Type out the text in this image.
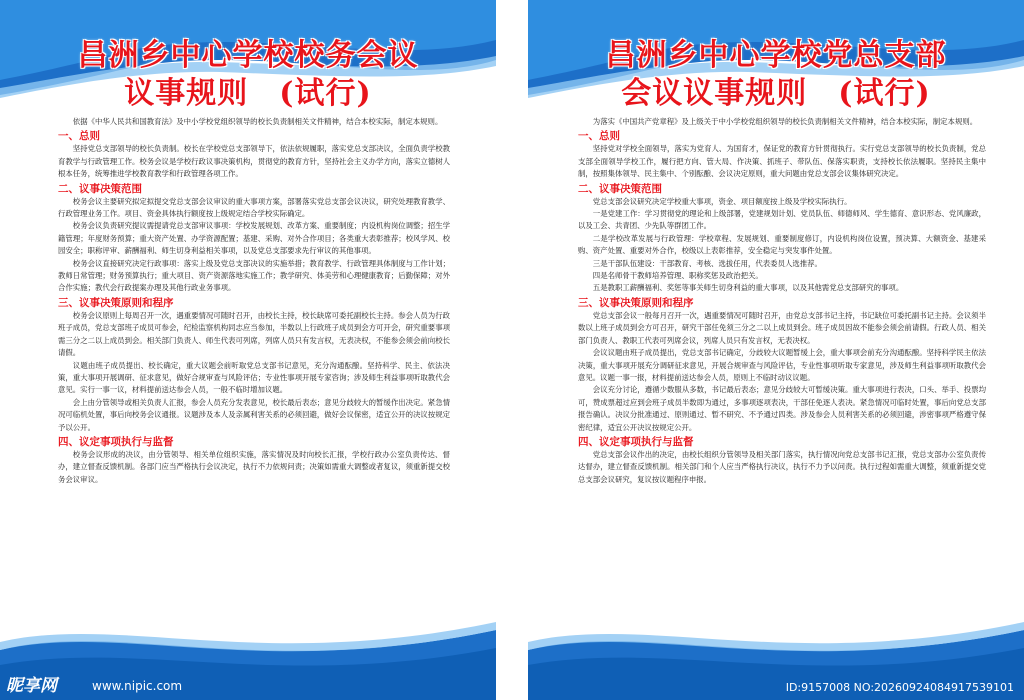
昌洲乡中心学校校务会议
议事规则　(试行)

依据《中华人民共和国教育法》及中小学校党组织领导的校长负责制相关文件精神，结合本校实际，制定本规则。

一、总则

坚持党总支部领导的校长负责制。校长在学校党总支部领导下，依法依规履职，落实党总支部决议，全面负责学校教育教学与行政管理工作。校务会议是学校行政议事决策机构，贯彻党的教育方针，坚持社会主义办学方向，落实立德树人根本任务，统筹推进学校教育教学和行政管理各项工作。

二、议事决策范围

校务会议主要研究拟定拟提交党总支部会议审议的重大事项方案，部署落实党总支部会议决议，研究处理教育教学、行政管理业务工作。项目、资金具体执行额度按上级规定结合学校实际确定。

校务会议负责研究提议需提请党总支部审议事项：学校发展规划、改革方案、重要制度；内设机构岗位调整；招生学籍管理；年度财务预算；重大资产处置、办学资源配置；基建、采购、对外合作项目；各类重大表彰推荐；校风学风、校园安全；职称评审、薪酬福利、师生切身利益相关事项，以及党总支部要求先行审议的其他事项。

校务会议直接研究决定行政事项：落实上级及党总支部决议的实施举措；教育教学、行政管理具体制度与工作计划；教师日常管理；财务预算执行；重大项目、资产资源落地实施工作；教学研究、体美劳和心理健康教育；后勤保障；对外合作实施；教代会行政提案办理及其他行政业务事项。

三、议事决策原则和程序

校务会议原则上每周召开一次，遇重要情况可随时召开，由校长主持，校长缺席可委托副校长主持。参会人员为行政班子成员，党总支部班子成员可参会，纪检监察机构同志应当参加，半数以上行政班子成员到会方可开会，研究重要事项需三分之二以上成员到会。相关部门负责人、师生代表可列席，列席人员只有发言权，无表决权，不能参会须会前向校长请假。

议题由班子成员提出、校长确定，重大议题会前听取党总支部书记意见，充分沟通酝酿。坚持科学、民主、依法决策，重大事项开展调研、征求意见，做好合规审查与风险评估；专业性事项开展专家咨询；涉及师生利益事项听取教代会意见。实行一事一议，材料提前送达参会人员，一般不临时增加议题。

会上由分管领导或相关负责人汇报，参会人员充分发表意见，校长最后表态；意见分歧较大的暂缓作出决定。紧急情况可临机处置，事后向校务会议通报。议题涉及本人及亲属利害关系的必须回避，做好会议保密，适宜公开的决议按规定予以公开。

四、议定事项执行与监督

校务会议形成的决议，由分管领导、相关单位组织实施，落实情况及时向校长汇报，学校行政办公室负责传达、督办，建立督查反馈机制。各部门应当严格执行会议决定，执行不力依规问责；决策如需重大调整或者复议，须重新提交校务会议审议。

昵享网	www.nipic.com
昌洲乡中心学校党总支部
会议议事规则　(试行)

为落实《中国共产党章程》及上级关于中小学校党组织领导的校长负责制相关文件精神，结合本校实际，制定本规则。

一、总则

坚持党对学校全面领导，落实为党育人、为国育才，保证党的教育方针贯彻执行。实行党总支部领导的校长负责制，党总支部全面领导学校工作，履行把方向、管大局、作决策、抓班子、带队伍、保落实职责，支持校长依法履职。坚持民主集中制，按照集体领导、民主集中、个别酝酿、会议决定原则，重大问题由党总支部会议集体研究决定。

二、议事决策范围

党总支部会议研究决定学校重大事项，资金、项目额度按上级及学校实际执行。

一是党建工作：学习贯彻党的理论和上级部署，党建规划计划、党员队伍、师德师风、学生德育、意识形态、党风廉政，以及工会、共青团、少先队等群团工作。

二是学校改革发展与行政管理：学校章程、发展规划、重要制度修订，内设机构岗位设置，预决算、大额资金、基建采购、资产处置、重要对外合作，校级以上表彰推荐，安全稳定与突发事件处置。

三是干部队伍建设：干部教育、考核、选拔任用，代表委员人选推荐。

四是名师骨干教师培养管理、职称奖惩及政治把关。

五是教职工薪酬福利、奖惩等事关师生切身利益的重大事项，以及其他需党总支部研究的事项。

三、议事决策原则和程序

党总支部会议一般每月召开一次，遇重要情况可随时召开，由党总支部书记主持，书记缺位可委托副书记主持。会议须半数以上班子成员到会方可召开，研究干部任免须三分之二以上成员到会。班子成员因故不能参会须会前请假。行政人员、相关部门负责人、教职工代表可列席会议，列席人员只有发言权，无表决权。

会议议题由班子成员提出，党总支部书记确定，分歧较大议题暂缓上会，重大事项会前充分沟通酝酿。坚持科学民主依法决策，重大事项开展充分调研征求意见，开展合规审查与风险评估，专业性事项听取专家意见，涉及师生利益事项听取教代会意见。议题一事一报，材料提前送达参会人员，原则上不临时动议议题。

会议充分讨论，遵循少数服从多数，书记最后表态；意见分歧较大可暂缓决策。重大事项进行表决，口头、举手、投票均可，赞成票超过应到会班子成员半数即为通过，多事项逐项表决，干部任免逐人表决。紧急情况可临时处置，事后向党总支部报告确认。决议分批准通过、原则通过、暂不研究、不予通过四类。涉及参会人员利害关系的必须回避，涉密事项严格遵守保密纪律，适宜公开决议按规定公开。

四、议定事项执行与监督

党总支部会议作出的决定，由校长组织分管领导及相关部门落实，执行情况向党总支部书记汇报，党总支部办公室负责传达督办，建立督查反馈机制。相关部门和个人应当严格执行决议，执行不力予以问责。执行过程如需重大调整，须重新提交党总支部会议研究，复议按议题程序申报。

ID:9157008 NO:20260924084917539101
